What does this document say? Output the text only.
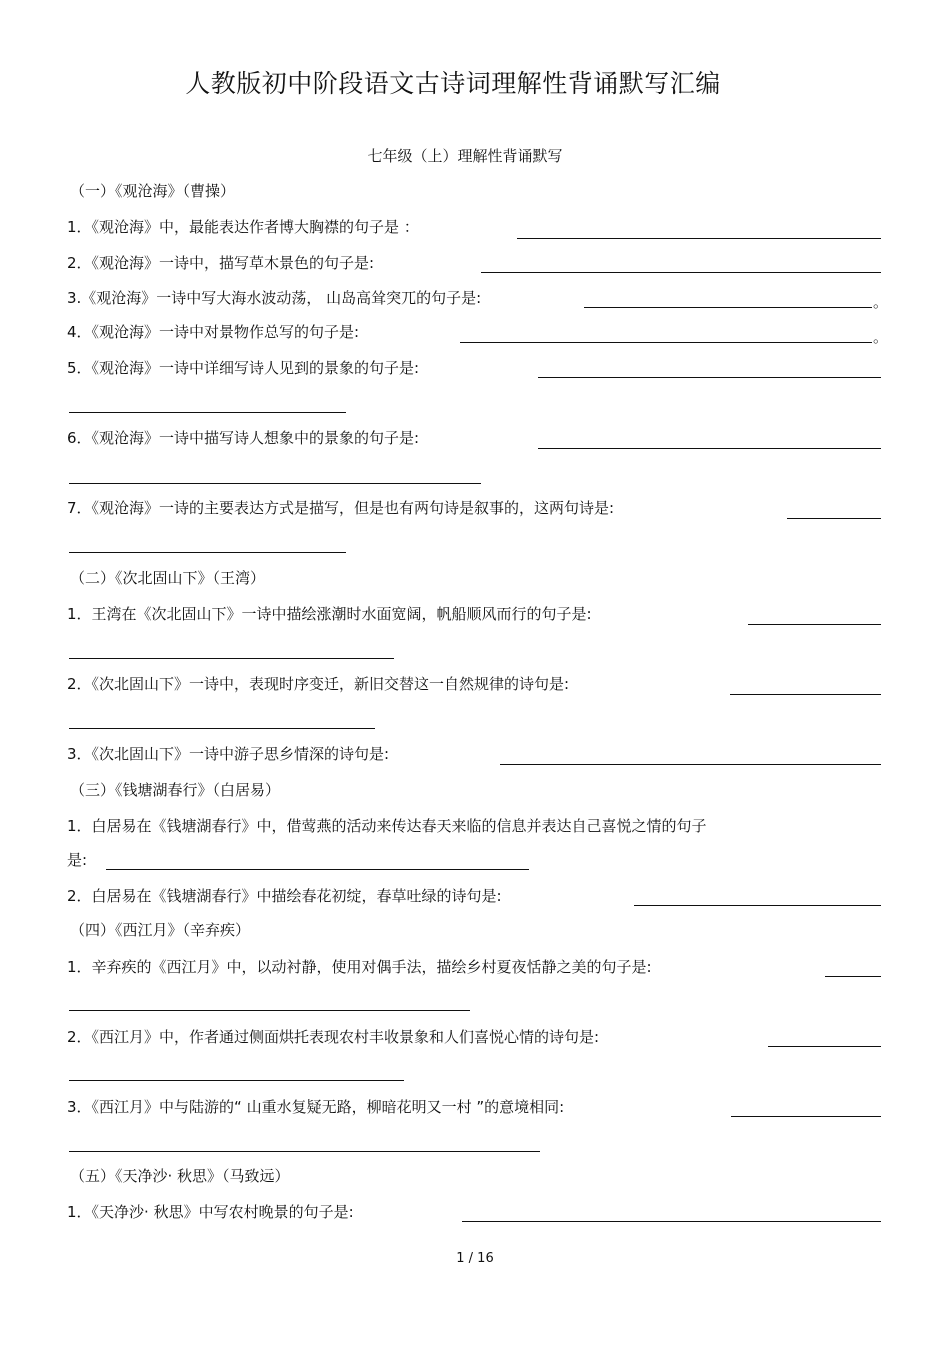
人教版初中阶段语文古诗词理解性背诵默写汇编
七年级（上）理解性背诵默写
（一）《观沧海》（曹操）
1．《观沧海》中，最能表达作者博大胸襟的句子是 ：
2．《观沧海》一诗中，描写草木景色的句子是:
3.《观沧海》一诗中写大海水波动荡， 山岛高耸突兀的句子是:	。
4．《观沧海》一诗中对景物作总写的句子是:	。
5．《观沧海》一诗中详细写诗人见到的景象的句子是:
6．《观沧海》一诗中描写诗人想象中的景象的句子是:
7．《观沧海》一诗的主要表达方式是描写，但是也有两句诗是叙事的，这两句诗是:
（二）《次北固山下》（王湾）
1．王湾在《次北固山下》一诗中描绘涨潮时水面宽阔，帆船顺风而行的句子是:
2．《次北固山下》一诗中，表现时序变迁，新旧交替这一自然规律的诗句是:
3．《次北固山下》一诗中游子思乡情深的诗句是:
（三）《钱塘湖春行》（白居易）
1．白居易在《钱塘湖春行》中，借莺燕的活动来传达春天来临的信息并表达自己喜悦之情的句子
是:
2．白居易在《钱塘湖春行》中描绘春花初绽，春草吐绿的诗句是:
（四）《西江月》（辛弃疾）
1．辛弃疾的《西江月》中，以动衬静，使用对偶手法，描绘乡村夏夜恬静之美的句子是:
2．《西江月》中，作者通过侧面烘托表现农村丰收景象和人们喜悦心情的诗句是:
3．《西江月》中与陆游的“ 山重水复疑无路，柳暗花明又一村 ”的意境相同:
（五）《天净沙· 秋思》（马致远）
1．《天净沙· 秋思》中写农村晚景的句子是:
1 / 16
